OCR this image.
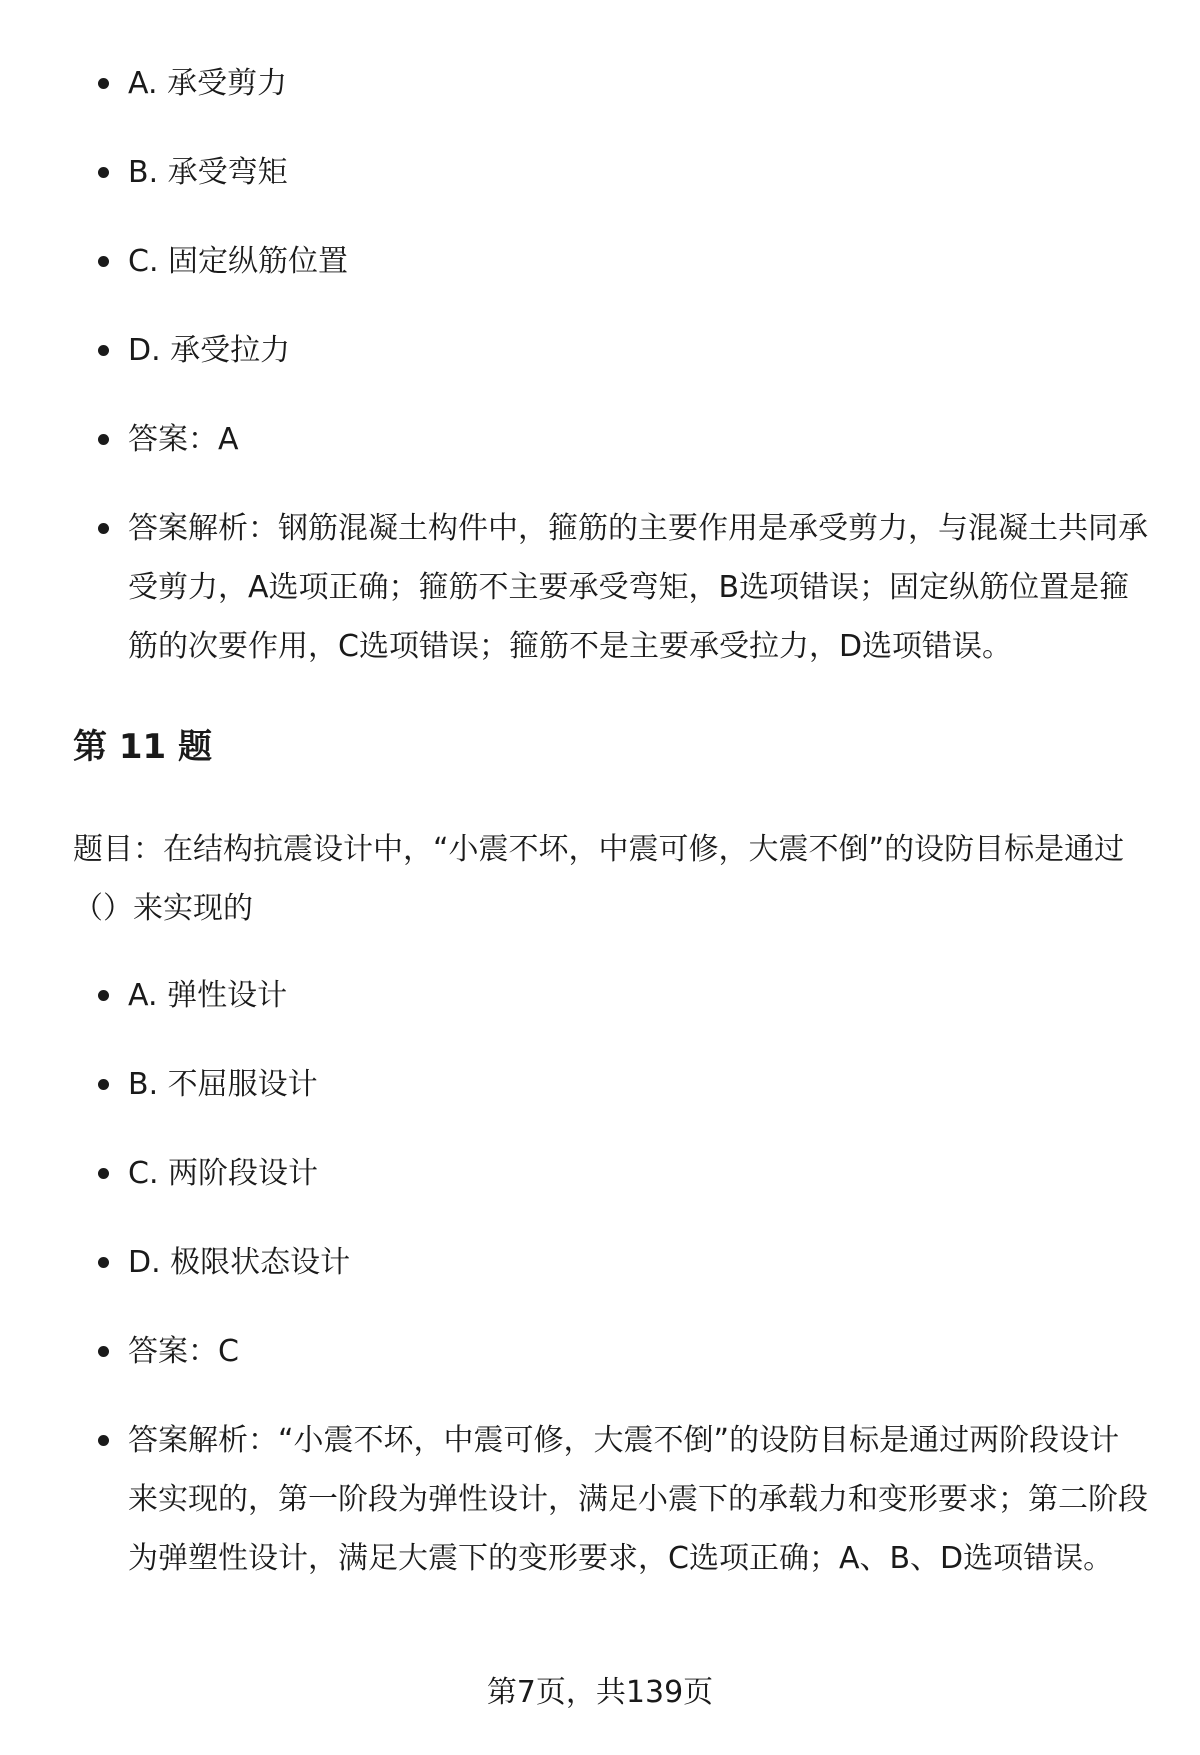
A. 承受剪力
B. 承受弯矩
C. 固定纵筋位置
D. 承受拉力
答案：A
答案解析：钢筋混凝土构件中，箍筋的主要作用是承受剪力，与混凝土共同承受剪力，A选项正确；箍筋不主要承受弯矩，B选项错误；固定纵筋位置是箍筋的次要作用，C选项错误；箍筋不是主要承受拉力，D选项错误。
第 11 题
题目：在结构抗震设计中，“小震不坏，中震可修，大震不倒”的设防目标是通过（）来实现的
A. 弹性设计
B. 不屈服设计
C. 两阶段设计
D. 极限状态设计
答案：C
答案解析：“小震不坏，中震可修，大震不倒”的设防目标是通过两阶段设计来实现的，第一阶段为弹性设计，满足小震下的承载力和变形要求；第二阶段为弹塑性设计，满足大震下的变形要求，C选项正确；A、B、D选项错误。
第7页，共139页
